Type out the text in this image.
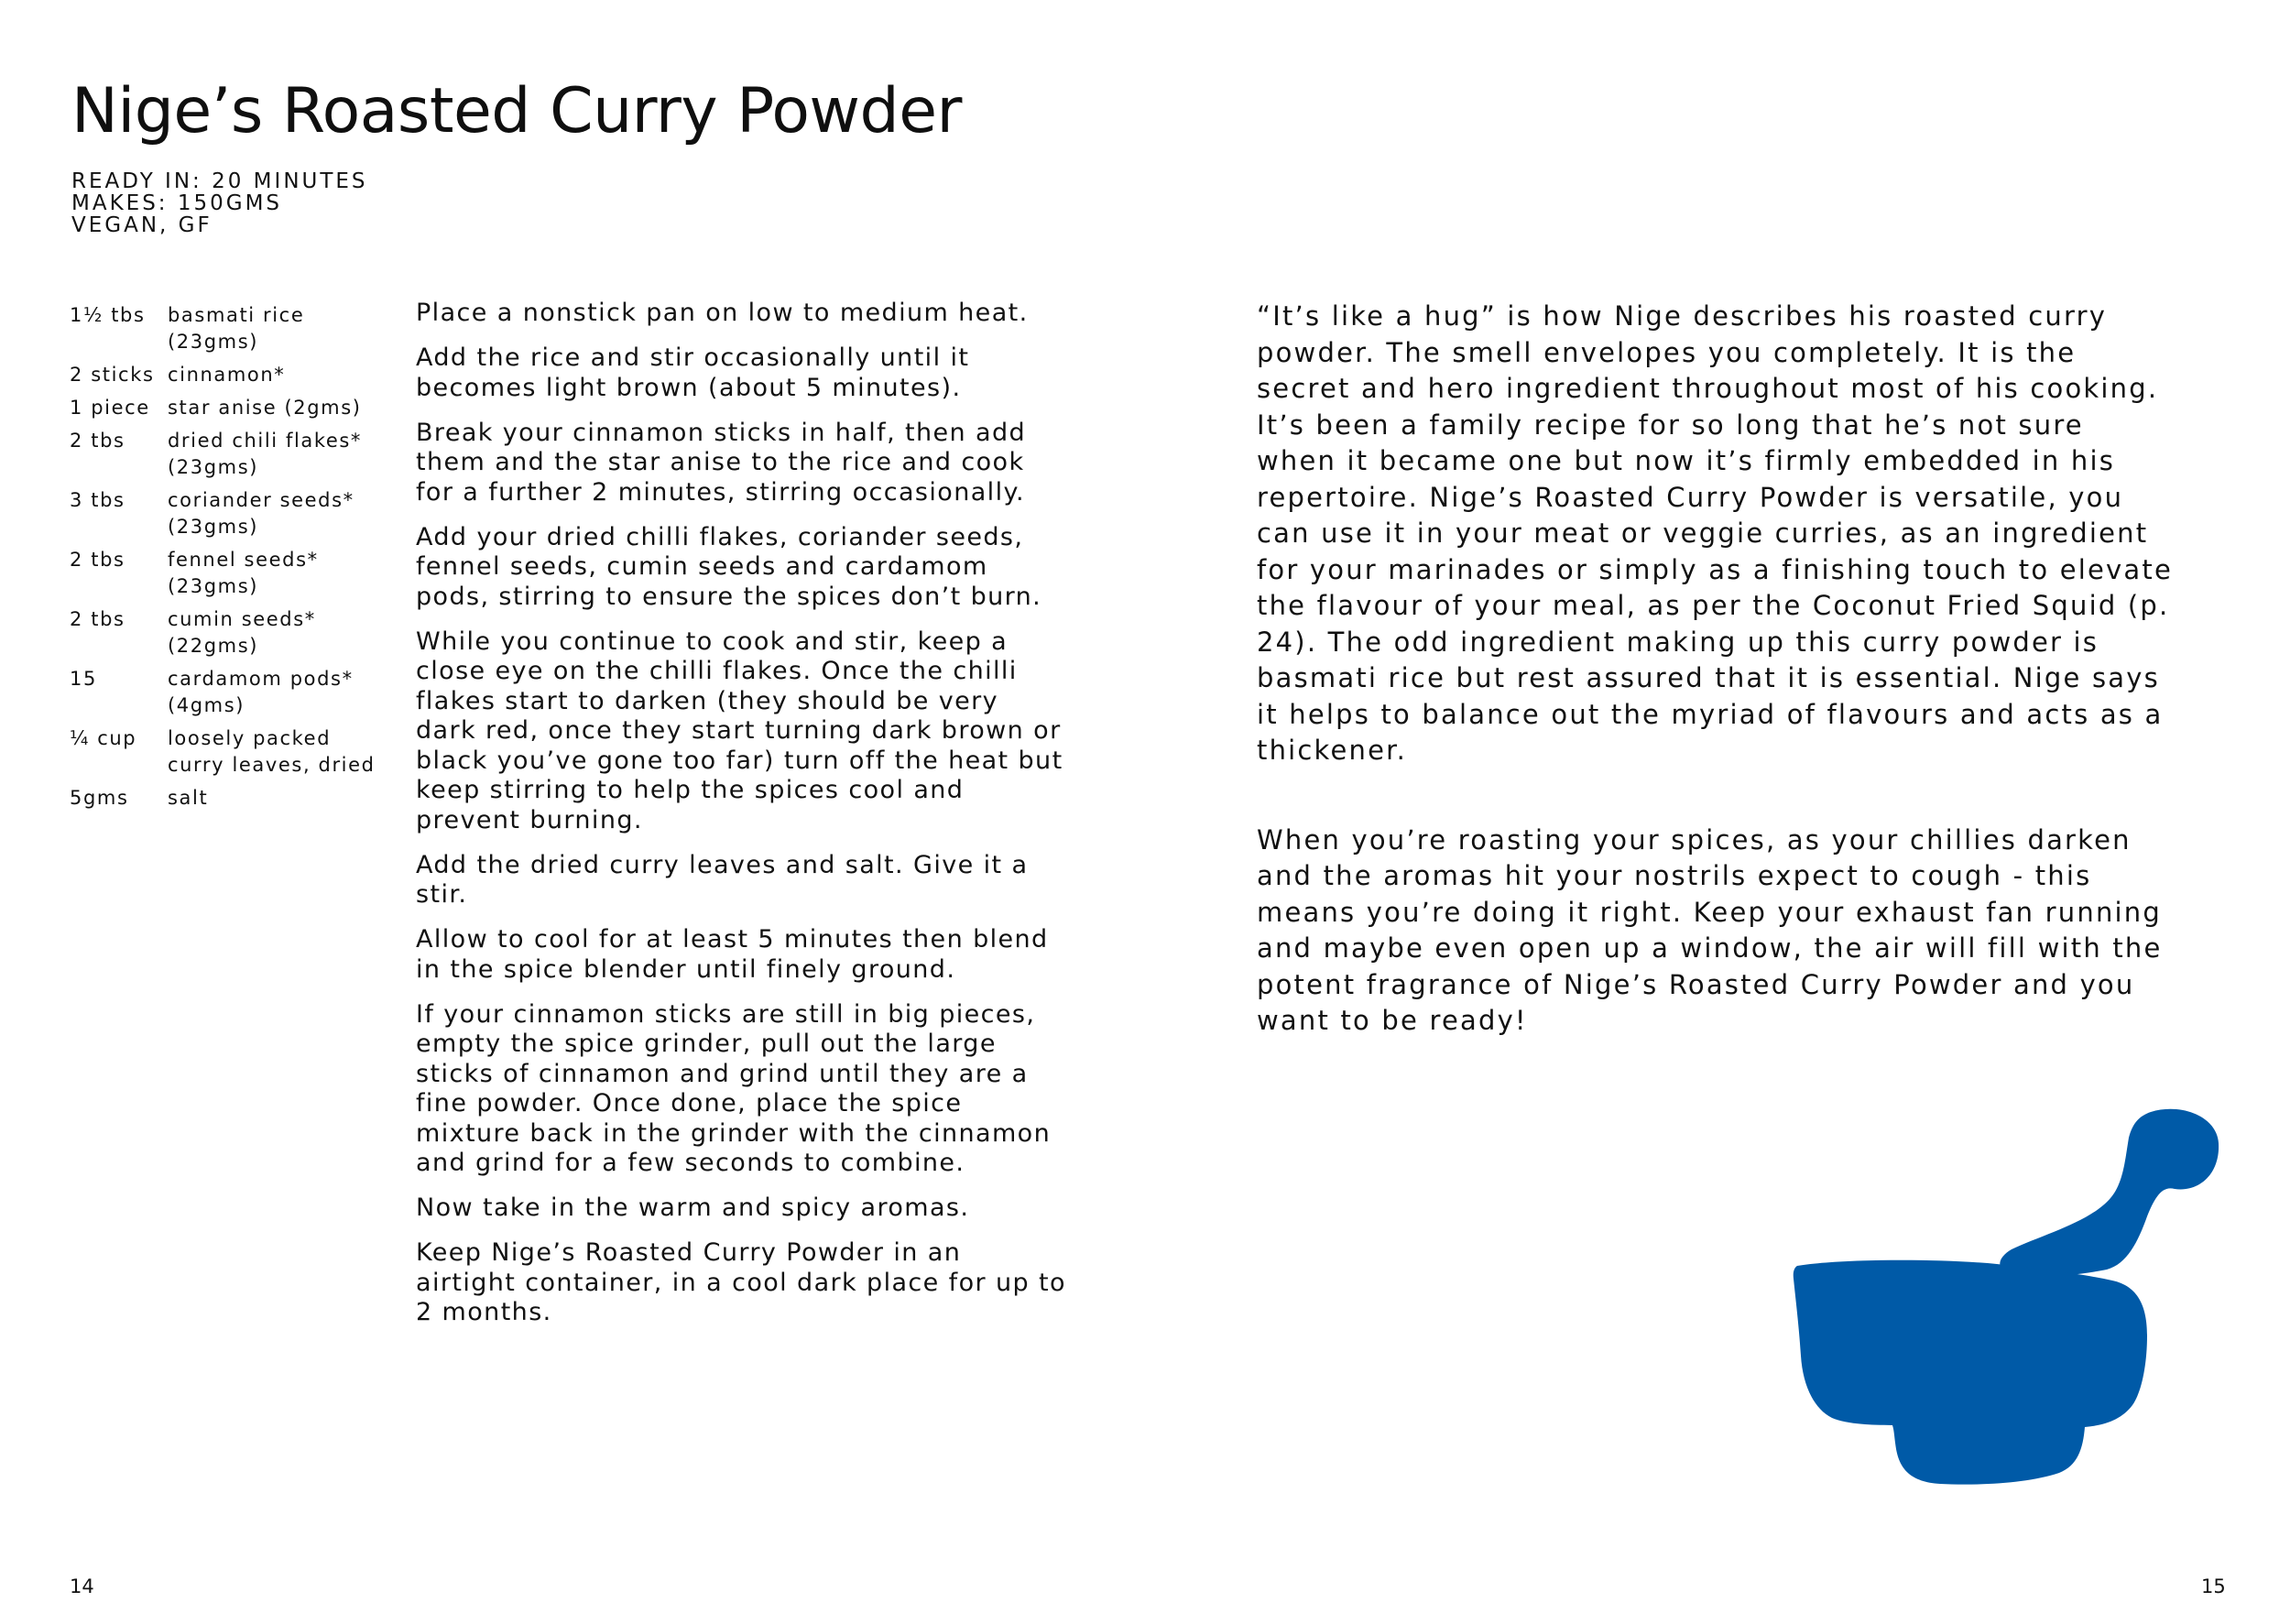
Nige’s Roasted Curry Powder
READY IN: 20 MINUTES
MAKES: 150GMS
VEGAN, GF
1½ tbs	basmati rice (23gms)
2 sticks cinnamon*
1 piece star anise (2gms)
2 tbs	dried chili flakes* (23gms)
3 tbs	coriander seeds* (23gms)
2 tbs	fennel seeds* (23gms)
2 tbs	cumin seeds* (22gms)
15	cardamom pods* (4gms)
¼ cup	loosely packed curry leaves, dried
5gms	salt

Place a nonstick pan on low to medium heat.

Add the rice and stir occasionally until it becomes light brown (about 5 minutes).

Break your cinnamon sticks in half, then add them and the star anise to the rice and cook for a further 2 minutes, stirring occasionally.

Add your dried chilli flakes, coriander seeds, fennel seeds, cumin seeds and cardamom pods, stirring to ensure the spices don’t burn.

While you continue to cook and stir, keep a close eye on the chilli flakes. Once the chilli flakes start to darken (they should be very dark red, once they start turning dark brown or black you’ve gone too far) turn off the heat but keep stirring to help the spices cool and prevent burning.

Add the dried curry leaves and salt. Give it a stir.

Allow to cool for at least 5 minutes then blend in the spice blender until finely ground.

If your cinnamon sticks are still in big pieces, empty the spice grinder, pull out the large sticks of cinnamon and grind until they are a fine powder. Once done, place the spice mixture back in the grinder with the cinnamon and grind for a few seconds to combine.

Now take in the warm and spicy aromas.

Keep Nige’s Roasted Curry Powder in an airtight container, in a cool dark place for up to 2 months.

14

“It’s like a hug” is how Nige describes his roasted curry powder. The smell envelopes you completely. It is the secret and hero ingredient throughout most of his cooking. It’s been a family recipe for so long that he’s not sure when it became one but now it’s firmly embedded in his repertoire. Nige’s Roasted Curry Powder is versatile, you can use it in your meat or veggie curries, as an ingredient for your marinades or simply as a finishing touch to elevate the flavour of your meal, as per the Coconut Fried Squid (p. 24). The odd ingredient making up this curry powder is basmati rice but rest assured that it is essential. Nige says it helps to balance out the myriad of flavours and acts as a thickener.

When you’re roasting your spices, as your chillies darken and the aromas hit your nostrils expect to cough - this means you’re doing it right. Keep your exhaust fan running and maybe even open up a window, the air will fill with the potent fragrance of Nige’s Roasted Curry Powder and you want to be ready!

15
